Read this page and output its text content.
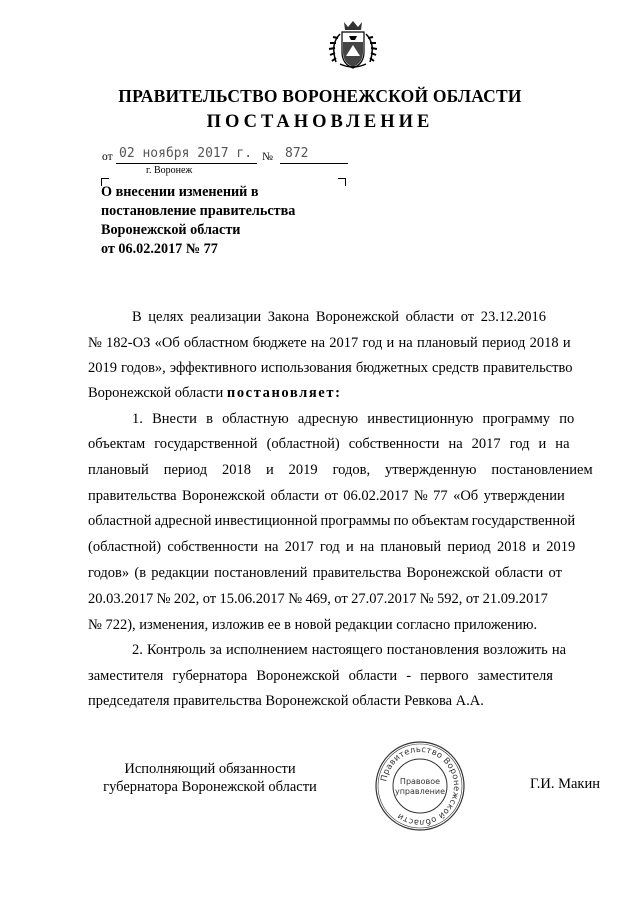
ПРАВИТЕЛЬСТВО ВОРОНЕЖСКОЙ ОБЛАСТИ
ПОСТАНОВЛЕНИЕ
от 02 ноября 2017 г. № 872
г. Воронеж
О внесении изменений в
постановление правительства
Воронежской области
от 06.02.2017 № 77
В целях реализации Закона Воронежской области от 23.12.2016
№ 182-ОЗ «Об областном бюджете на 2017 год и на плановый период 2018 и
2019 годов», эффективного использования бюджетных средств правительство
Воронежской области постановляет:
1. Внести в областную адресную инвестиционную программу по
объектам государственной (областной) собственности на 2017 год и на
плановый период 2018 и 2019 годов, утвержденную постановлением
правительства Воронежской области от 06.02.2017 № 77 «Об утверждении
областной адресной инвестиционной программы по объектам государственной
(областной) собственности на 2017 год и на плановый период 2018 и 2019
годов» (в редакции постановлений правительства Воронежской области от
20.03.2017 № 202, от 15.06.2017 № 469, от 27.07.2017 № 592, от 21.09.2017
№ 722), изменения, изложив ее в новой редакции согласно приложению.
2. Контроль за исполнением настоящего постановления возложить на
заместителя губернатора Воронежской области - первого заместителя
председателя правительства Воронежской области Ревкова А.А.
Исполняющий обязанности
губернатора Воронежской области	Г.И. Макин
Правительство Воронежской области
Правовое
управление
